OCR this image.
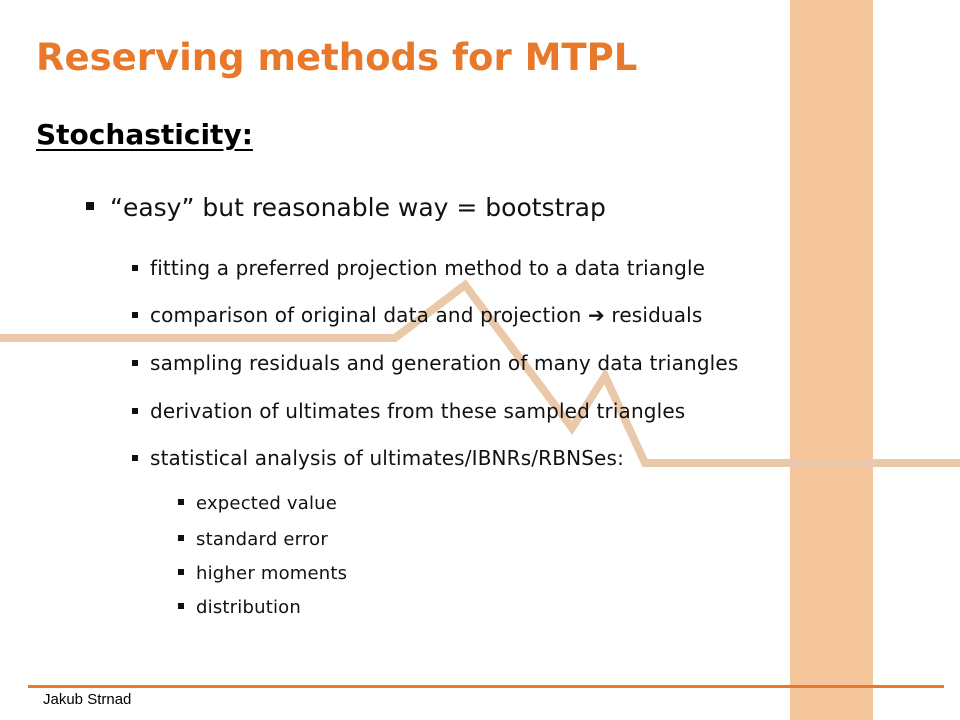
Reserving methods for MTPL
Stochasticity:
“easy” but reasonable way = bootstrap
fitting a preferred projection method to a data triangle
comparison of original data and projection ➔ residuals
sampling residuals and generation of many data triangles
derivation of ultimates from these sampled triangles
statistical analysis of ultimates/IBNRs/RBNSes:
expected value
standard error
higher moments
distribution
Jakub Strnad
